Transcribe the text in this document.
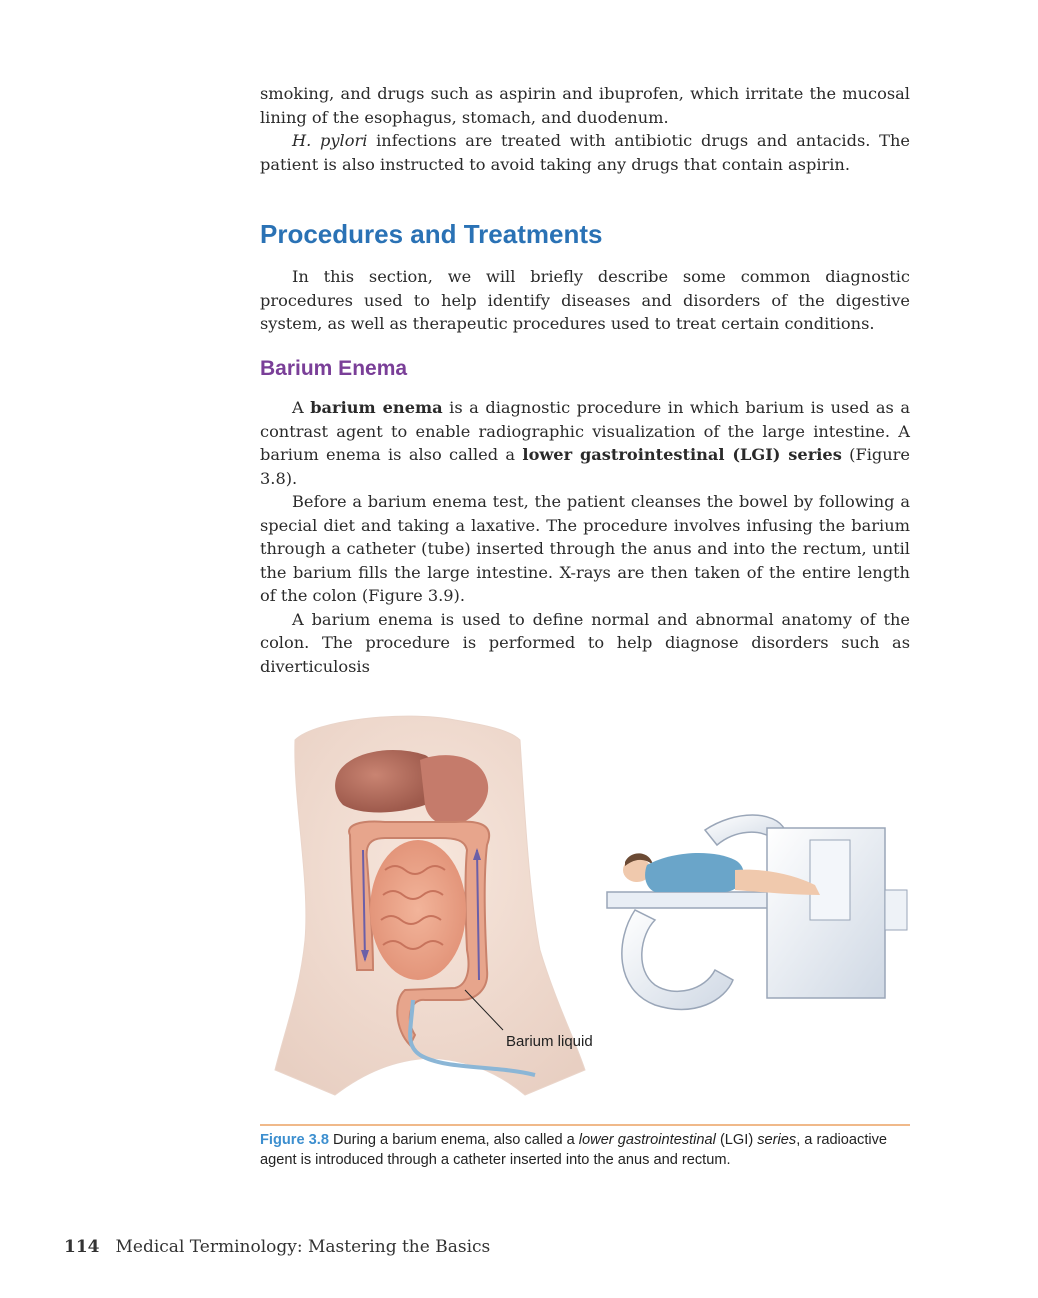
smoking, and drugs such as aspirin and ibuprofen, which irritate the mucosal lining of the esophagus, stomach, and duodenum.

H. pylori infections are treated with antibiotic drugs and antacids. The patient is also instructed to avoid taking any drugs that contain aspirin.

Procedures and Treatments

In this section, we will briefly describe some common diagnostic procedures used to help identify diseases and disorders of the digestive system, as well as therapeutic procedures used to treat certain conditions.

Barium Enema

A barium enema is a diagnostic procedure in which barium is used as a contrast agent to enable radiographic visualization of the large intestine. A barium enema is also called a lower gastrointestinal (LGI) series (Figure 3.8).

Before a barium enema test, the patient cleanses the bowel by following a special diet and taking a laxative. The procedure involves infusing the barium through a catheter (tube) inserted through the anus and into the rectum, until the barium fills the large intestine. X-rays are then taken of the entire length of the colon (Figure 3.9).

A barium enema is used to define normal and abnormal anatomy of the colon. The procedure is performed to help diagnose disorders such as diverticulosis

Barium liquid

Figure 3.8 During a barium enema, also called a lower gastrointestinal (LGI) series, a radioactive agent is introduced through a catheter inserted into the anus and rectum.

114 Medical Terminology: Mastering the Basics
